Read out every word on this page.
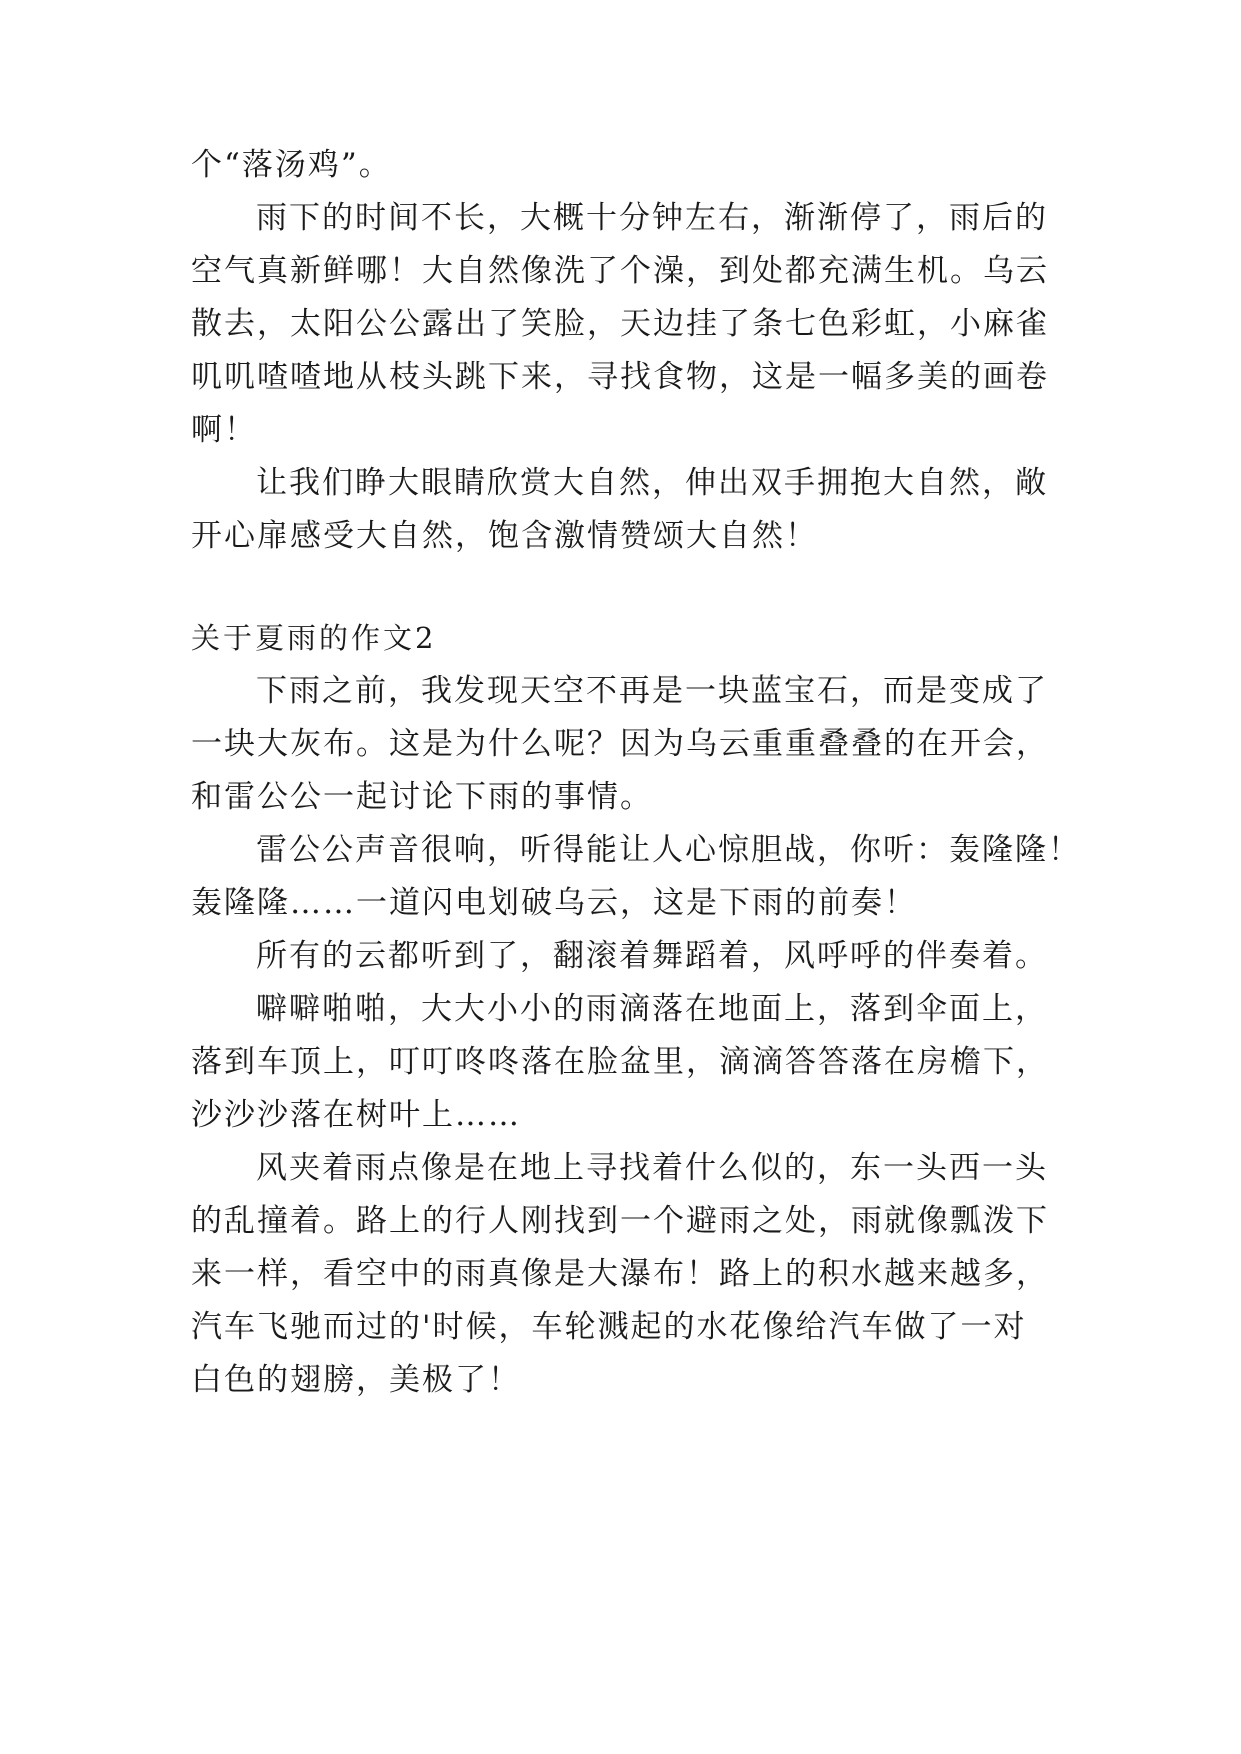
个“落汤鸡”。
雨下的时间不长，大概十分钟左右，渐渐停了，雨后的
空气真新鲜哪！大自然像洗了个澡，到处都充满生机。乌云
散去，太阳公公露出了笑脸，天边挂了条七色彩虹，小麻雀
叽叽喳喳地从枝头跳下来，寻找食物，这是一幅多美的画卷
啊！
让我们睁大眼睛欣赏大自然，伸出双手拥抱大自然，敞
开心扉感受大自然，饱含激情赞颂大自然！
关于夏雨的作文2
下雨之前，我发现天空不再是一块蓝宝石，而是变成了
一块大灰布。这是为什么呢？因为乌云重重叠叠的在开会，
和雷公公一起讨论下雨的事情。
雷公公声音很响，听得能让人心惊胆战，你听：轰隆隆！
轰隆隆……一道闪电划破乌云，这是下雨的前奏！
所有的云都听到了，翻滚着舞蹈着，风呼呼的伴奏着。
噼噼啪啪，大大小小的雨滴落在地面上，落到伞面上，
落到车顶上，叮叮咚咚落在脸盆里，滴滴答答落在房檐下，
沙沙沙落在树叶上……
风夹着雨点像是在地上寻找着什么似的，东一头西一头
的乱撞着。路上的行人刚找到一个避雨之处，雨就像瓢泼下
来一样，看空中的雨真像是大瀑布！路上的积水越来越多，
汽车飞驰而过的'时候，车轮溅起的水花像给汽车做了一对
白色的翅膀，美极了！
